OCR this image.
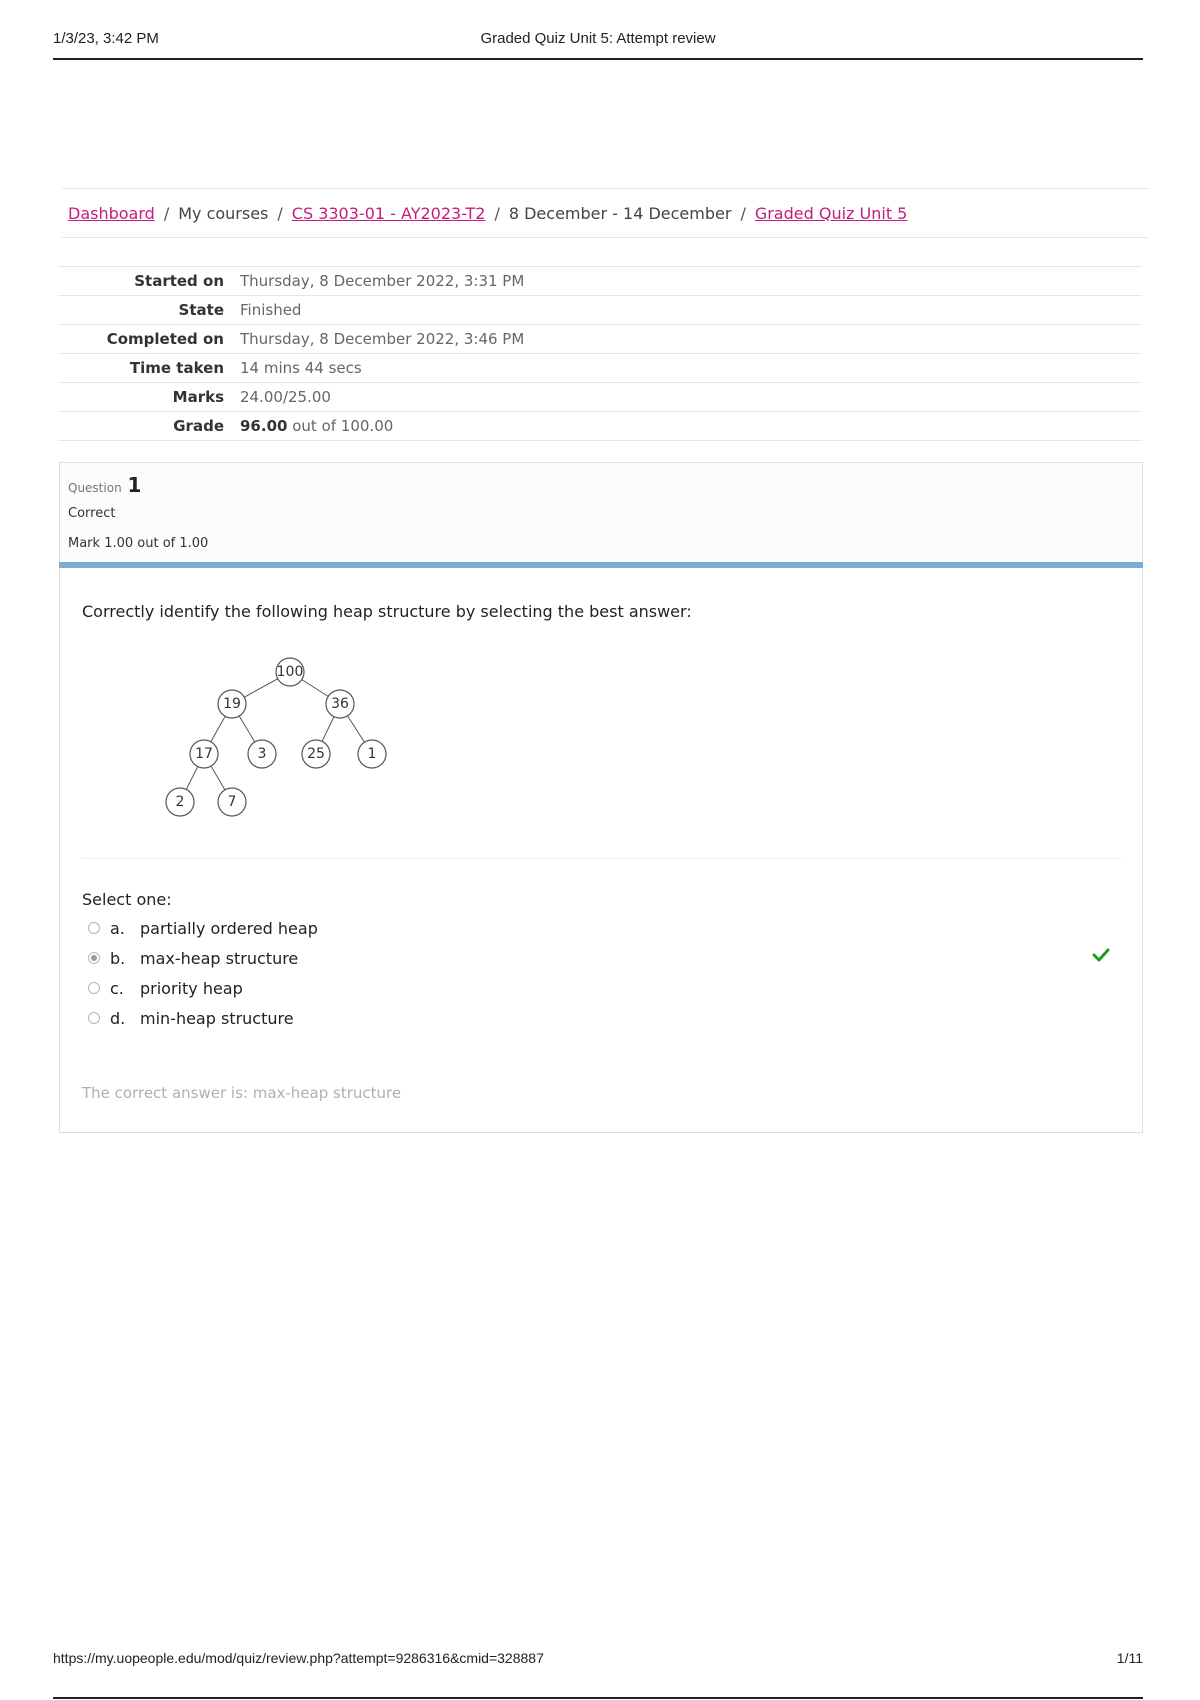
1/3/23, 3:42 PM	Graded Quiz Unit 5: Attempt review
Dashboard / My courses / CS 3303-01 - AY2023-T2 / 8 December - 14 December / Graded Quiz Unit 5
Started on	Thursday, 8 December 2022, 3:31 PM
State	Finished
Completed on	Thursday, 8 December 2022, 3:46 PM
Time taken	14 mins 44 secs
Marks	24.00/25.00
Grade	96.00 out of 100.00
Question 1
Correct
Mark 1.00 out of 1.00
Correctly identify the following heap structure by selecting the best answer:
100
19	36
17	3	25	1
2	7
Select one:
a. partially ordered heap
b. max-heap structure
c.	priority heap
d. min-heap structure
The correct answer is: max-heap structure
https://my.uopeople.edu/mod/quiz/review.php?attempt=9286316&cmid=328887	1/11
